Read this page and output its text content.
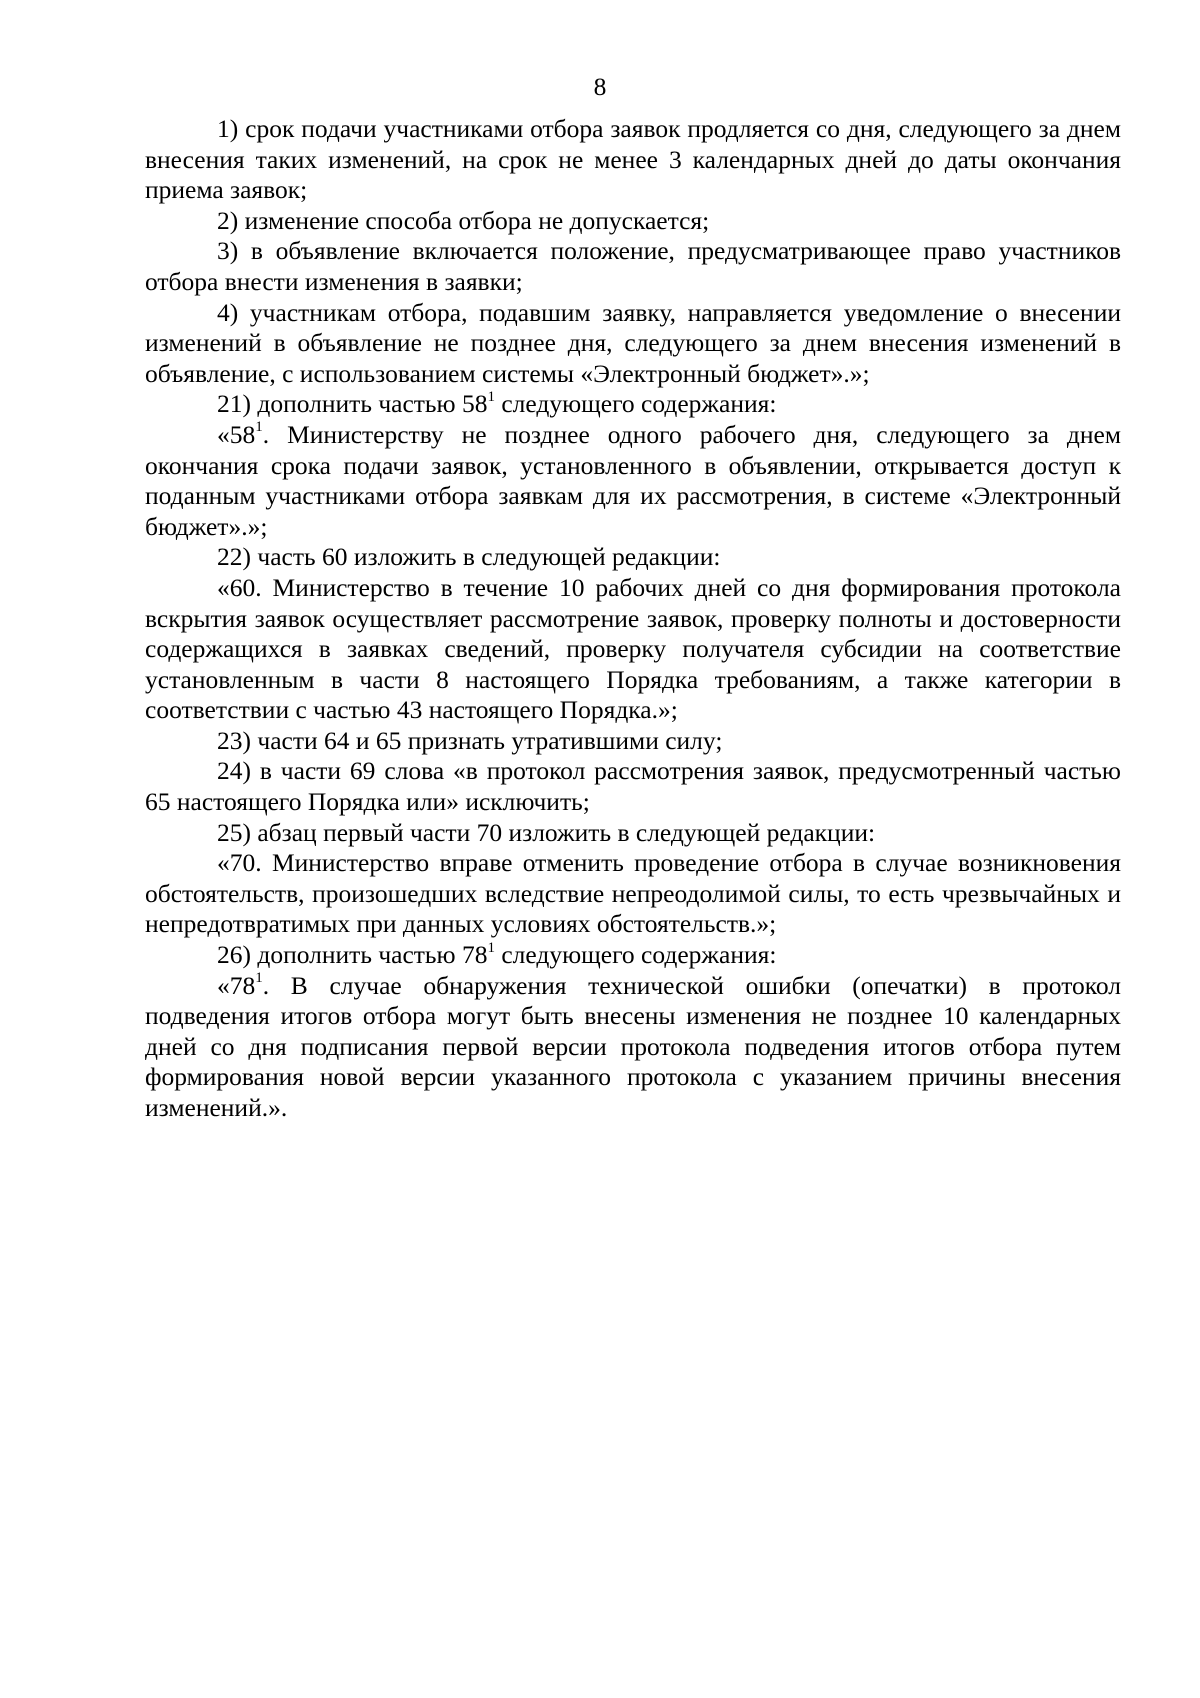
8

1) срок подачи участниками отбора заявок продляется со дня, следующего за днем внесения таких изменений, на срок не менее 3 календарных дней до даты окончания приема заявок;

2) изменение способа отбора не допускается;

3) в объявление включается положение, предусматривающее право участников отбора внести изменения в заявки;

4) участникам отбора, подавшим заявку, направляется уведомление о внесении изменений в объявление не позднее дня, следующего за днем внесения изменений в объявление, с использованием системы «Электронный бюджет».»;

21) дополнить частью $58^1$ следующего содержания:

«$58^1$. Министерству не позднее одного рабочего дня, следующего за днем окончания срока подачи заявок, установленного в объявлении, открывается доступ к поданным участниками отбора заявкам для их рассмотрения, в системе «Электронный бюджет».»;

22) часть 60 изложить в следующей редакции:

«60. Министерство в течение 10 рабочих дней со дня формирования протокола вскрытия заявок осуществляет рассмотрение заявок, проверку полноты и достоверности содержащихся в заявках сведений, проверку получателя субсидии на соответствие установленным в части 8 настоящего Порядка требованиям, а также категории в соответствии с частью 43 настоящего Порядка.»;

23) части 64 и 65 признать утратившими силу;

24) в части 69 слова «в протокол рассмотрения заявок, предусмотренный частью 65 настоящего Порядка или» исключить;

25) абзац первый части 70 изложить в следующей редакции:

«70. Министерство вправе отменить проведение отбора в случае возникновения обстоятельств, произошедших вследствие непреодолимой силы, то есть чрезвычайных и непредотвратимых при данных условиях обстоятельств.»;

26) дополнить частью $78^1$ следующего содержания:

«$78^1$. В случае обнаружения технической ошибки (опечатки) в протокол подведения итогов отбора могут быть внесены изменения не позднее 10 календарных дней со дня подписания первой версии протокола подведения итогов отбора путем формирования новой версии указанного протокола с указанием причины внесения изменений.».
